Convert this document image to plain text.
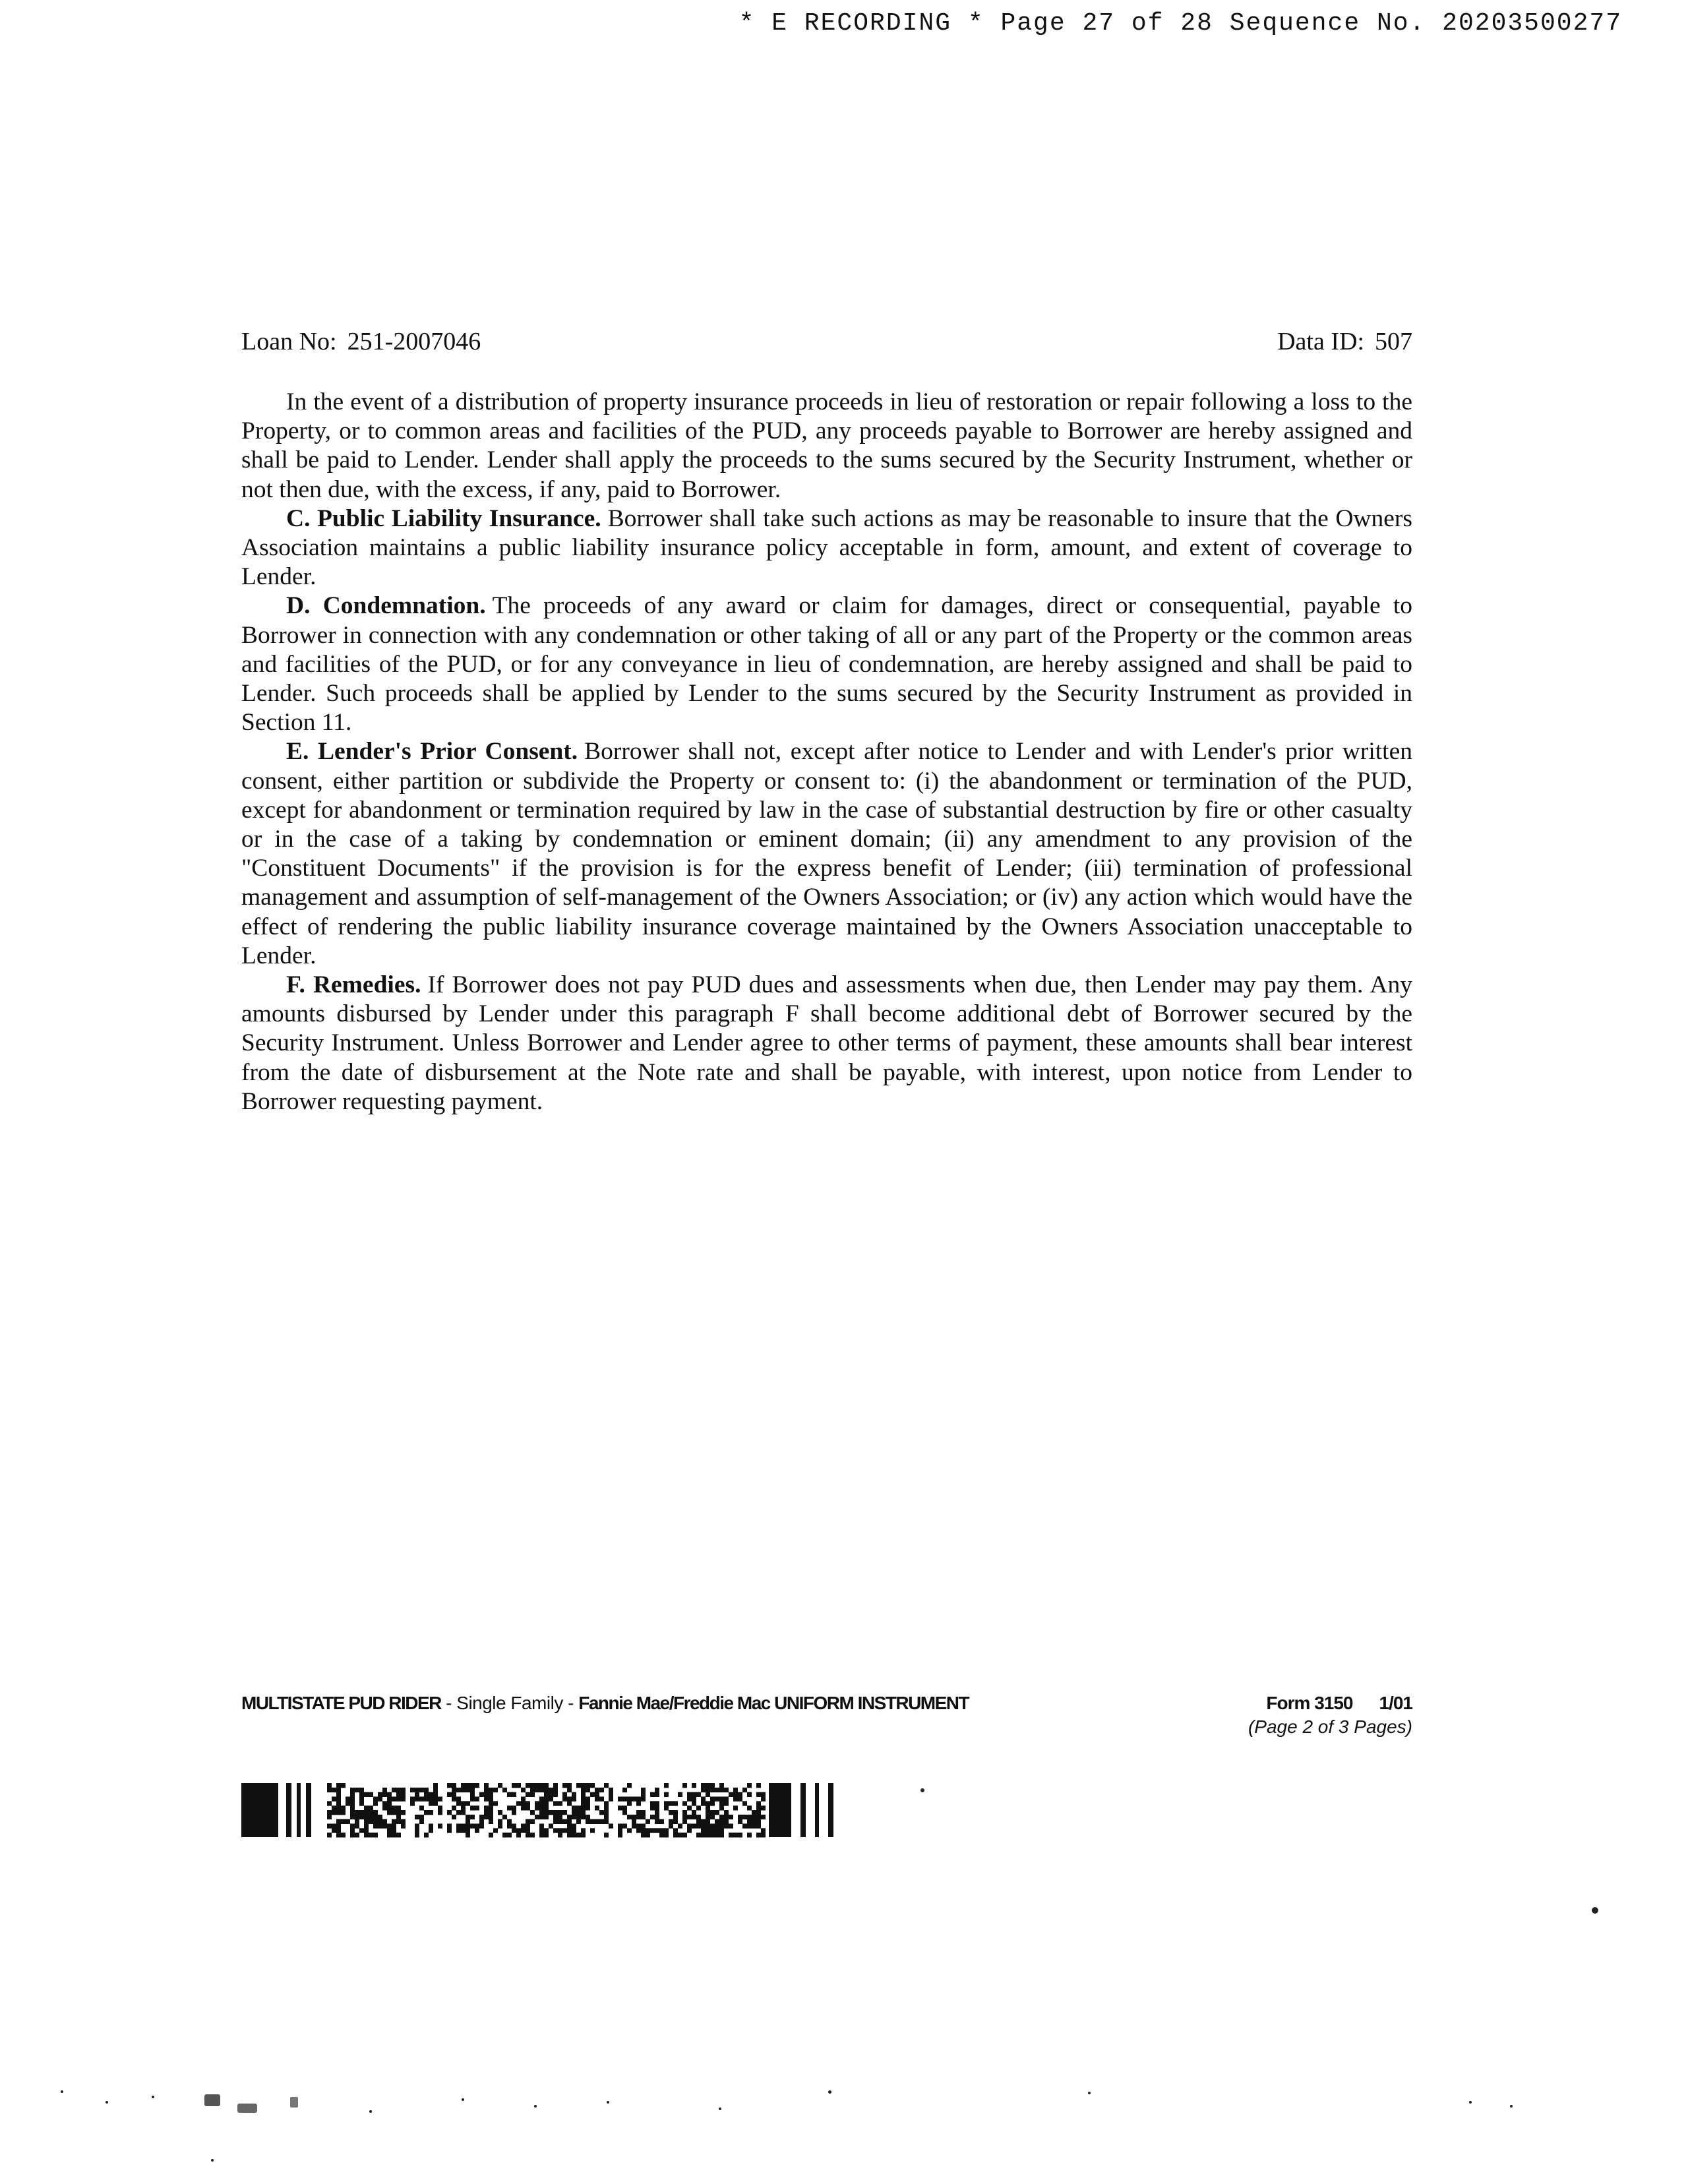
* E RECORDING * Page 27 of 28 Sequence No. 20203500277
Loan No: 251-2007046	Data ID: 507

In the event of a distribution of property insurance proceeds in lieu of restoration or repair following a loss to the Property, or to common areas and facilities of the PUD, any proceeds payable to Borrower are hereby assigned and shall be paid to Lender. Lender shall apply the proceeds to the sums secured by the Security Instrument, whether or not then due, with the excess, if any, paid to Borrower.

C. Public Liability Insurance. Borrower shall take such actions as may be reasonable to insure that the Owners Association maintains a public liability insurance policy acceptable in form, amount, and extent of coverage to Lender.

D. Condemnation. The proceeds of any award or claim for damages, direct or consequential, payable to Borrower in connection with any condemnation or other taking of all or any part of the Property or the common areas and facilities of the PUD, or for any conveyance in lieu of condemnation, are hereby assigned and shall be paid to Lender. Such proceeds shall be applied by Lender to the sums secured by the Security Instrument as provided in Section 11.

E. Lender's Prior Consent. Borrower shall not, except after notice to Lender and with Lender's prior written consent, either partition or subdivide the Property or consent to: (i) the abandonment or termination of the PUD, except for abandonment or termination required by law in the case of substantial destruction by fire or other casualty or in the case of a taking by condemnation or eminent domain; (ii) any amendment to any provision of the "Constituent Documents" if the provision is for the express benefit of Lender; (iii) termination of professional management and assumption of self-management of the Owners Association; or (iv) any action which would have the effect of rendering the public liability insurance coverage maintained by the Owners Association unacceptable to Lender.

F. Remedies. If Borrower does not pay PUD dues and assessments when due, then Lender may pay them. Any amounts disbursed by Lender under this paragraph F shall become additional debt of Borrower secured by the Security Instrument. Unless Borrower and Lender agree to other terms of payment, these amounts shall bear interest from the date of disbursement at the Note rate and shall be payable, with interest, upon notice from Lender to Borrower requesting payment.

MULTISTATE PUD RIDER - Single Family - Fannie Mae/Freddie Mac UNIFORM INSTRUMENT	Form 3150 1/01
(Page 2 of 3 Pages)
